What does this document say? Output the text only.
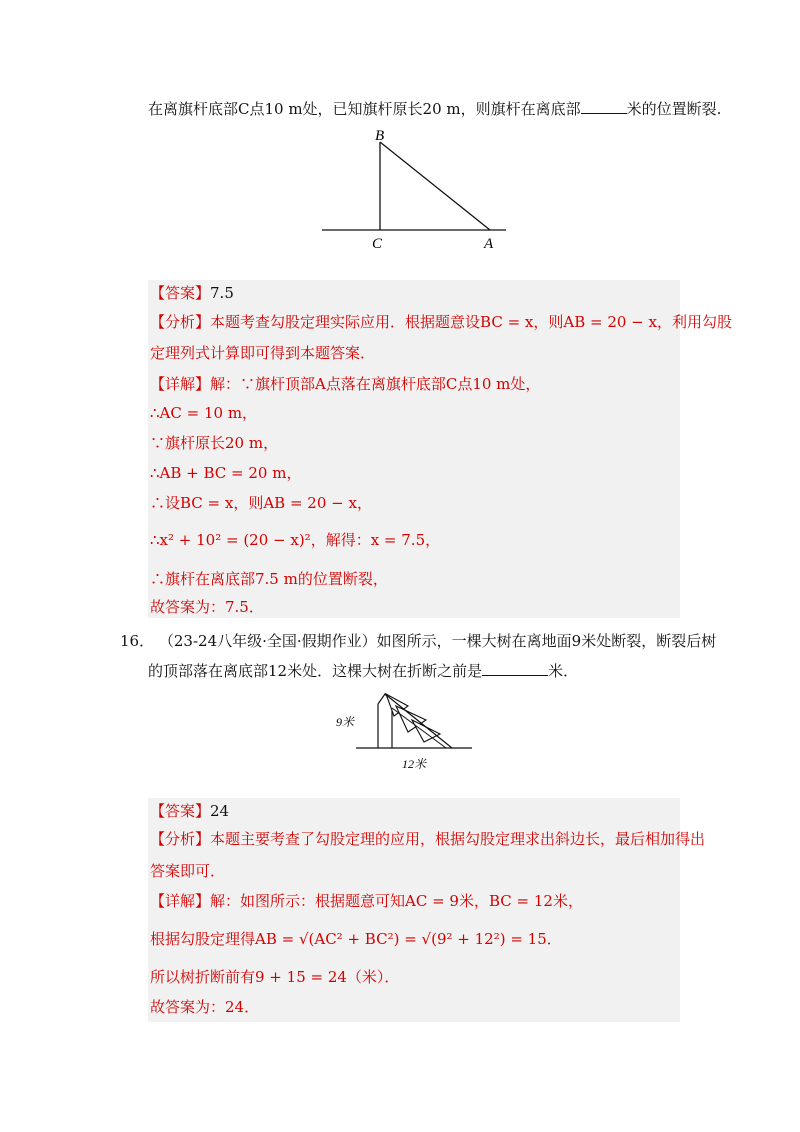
在离旗杆底部C点10 m处，已知旗杆原长20 m，则旗杆在离底部	米的位置断裂.
B
C	A
【答案】7.5
【分析】本题考查勾股定理实际应用．根据题意设BC = x，则AB = 20 − x，利用勾股
定理列式计算即可得到本题答案．
【详解】解：∵旗杆顶部A点落在离旗杆底部C点10 m处，
∴AC = 10 m，
∵旗杆原长20 m，
∴AB + BC = 20 m，
∴设BC = x，则AB = 20 − x，
∴x² + 10² = (20 − x)²，解得：x = 7.5，
∴旗杆在离底部7.5 m的位置断裂，
故答案为：7.5．
16． （23-24八年级·全国·假期作业）如图所示，一棵大树在离地面9米处断裂，断裂后树
的顶部落在离底部12米处．这棵大树在折断之前是	米．
9米
12米
【答案】24
【分析】本题主要考查了勾股定理的应用，根据勾股定理求出斜边长，最后相加得出
答案即可．
【详解】解：如图所示：根据题意可知AC = 9米，BC = 12米，
根据勾股定理得AB = √(AC² + BC²) = √(9² + 12²) = 15．
所以树折断前有9 + 15 = 24（米）．
故答案为：24．
